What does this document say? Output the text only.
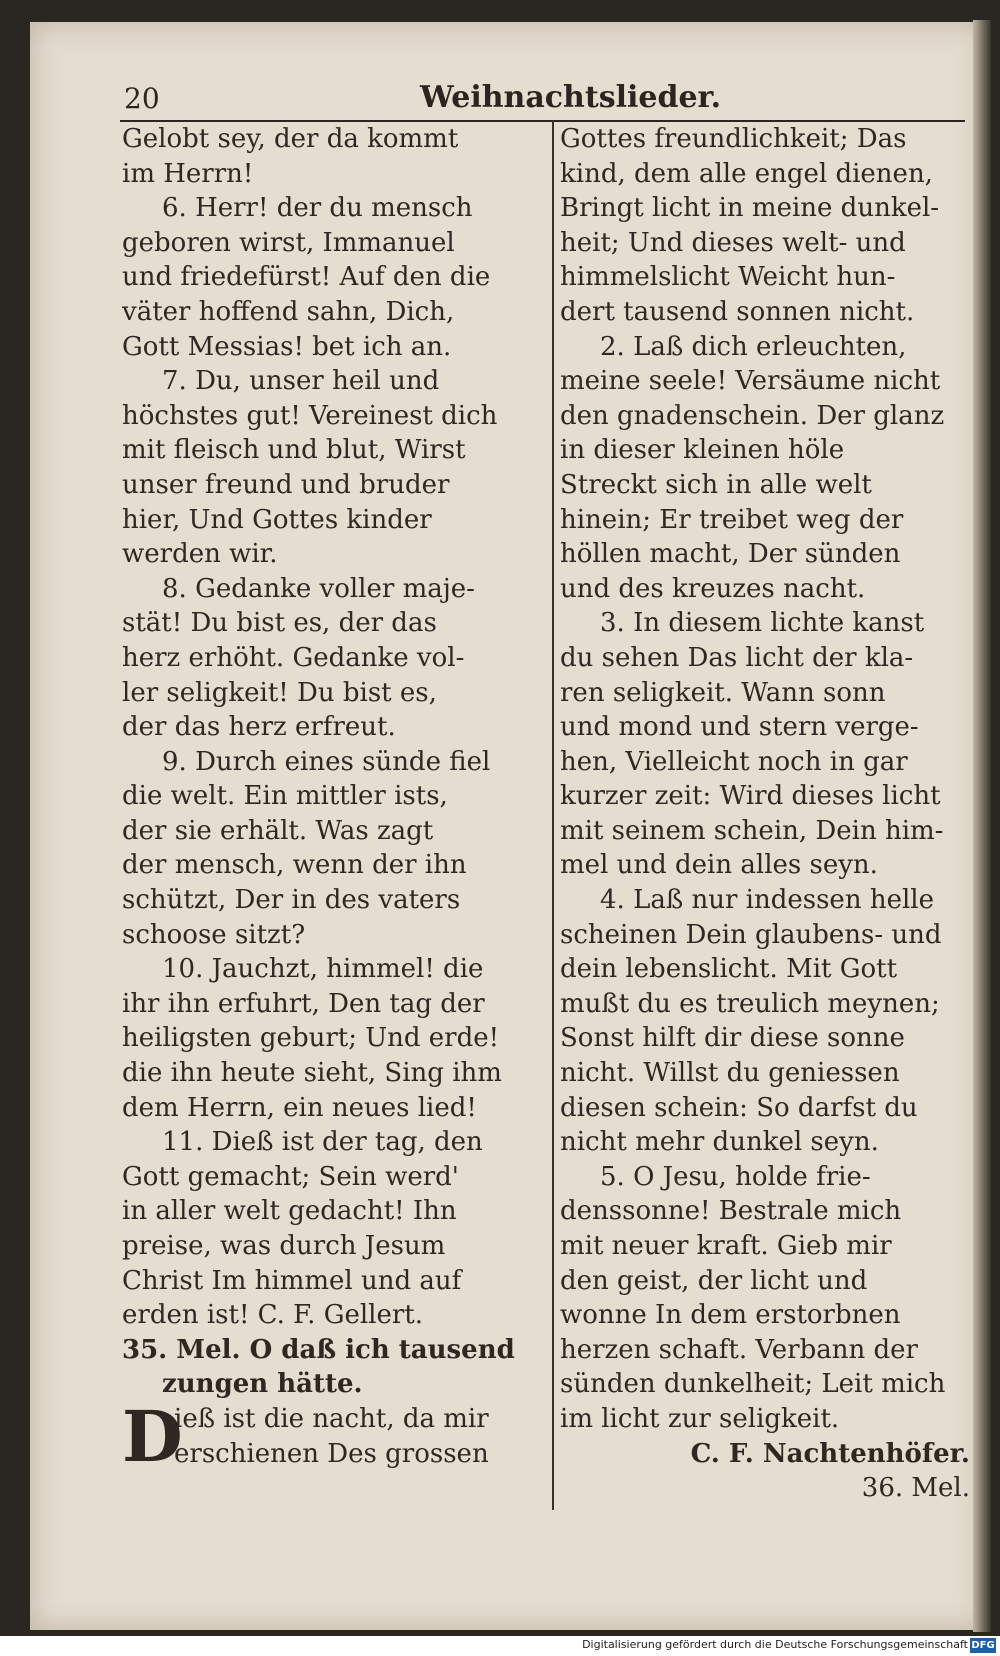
20	Weihnachtslieder.
Gelobt sey, der da kommt
im Herrn!
6. Herr! der du mensch
geboren wirst, Immanuel
und friedefürst! Auf den die
väter hoffend sahn, Dich,
Gott Messias! bet ich an.
7. Du, unser heil und
höchstes gut! Vereinest dich
mit fleisch und blut, Wirst
unser freund und bruder
hier, Und Gottes kinder
werden wir.
8. Gedanke voller maje-
stät! Du bist es, der das
herz erhöht. Gedanke vol-
ler seligkeit! Du bist es,
der das herz erfreut.
9. Durch eines sünde fiel
die welt. Ein mittler ists,
der sie erhält. Was zagt
der mensch, wenn der ihn
schützt, Der in des vaters
schoose sitzt?
10. Jauchzt, himmel! die
ihr ihn erfuhrt, Den tag der
heiligsten geburt; Und erde!
die ihn heute sieht, Sing ihm
dem Herrn, ein neues lied!
11. Dieß ist der tag, den
Gott gemacht; Sein werd'
in aller welt gedacht! Ihn
preise, was durch Jesum
Christ Im himmel und auf
erden ist! C. F. Gellert.
35. Mel. O daß ich tausend
zungen hätte.
D
ieß ist die nacht, da mir
erschienen Des grossen
Gottes freundlichkeit; Das
kind, dem alle engel dienen,
Bringt licht in meine dunkel-
heit; Und dieses welt- und
himmelslicht Weicht hun-
dert tausend sonnen nicht.
2. Laß dich erleuchten,
meine seele! Versäume nicht
den gnadenschein. Der glanz
in dieser kleinen höle
Streckt sich in alle welt
hinein; Er treibet weg der
höllen macht, Der sünden
und des kreuzes nacht.
3. In diesem lichte kanst
du sehen Das licht der kla-
ren seligkeit. Wann sonn
und mond und stern verge-
hen, Vielleicht noch in gar
kurzer zeit: Wird dieses licht
mit seinem schein, Dein him-
mel und dein alles seyn.
4. Laß nur indessen helle
scheinen Dein glaubens- und
dein lebenslicht. Mit Gott
mußt du es treulich meynen;
Sonst hilft dir diese sonne
nicht. Willst du geniessen
diesen schein: So darfst du
nicht mehr dunkel seyn.
5. O Jesu, holde frie-
denssonne! Bestrale mich
mit neuer kraft. Gieb mir
den geist, der licht und
wonne In dem erstorbnen
herzen schaft. Verbann der
sünden dunkelheit; Leit mich
im licht zur seligkeit.
C. F. Nachtenhöfer.
36. Mel.
Digitalisierung gefördert durch die Deutsche Forschungsgemeinschaft DFG
